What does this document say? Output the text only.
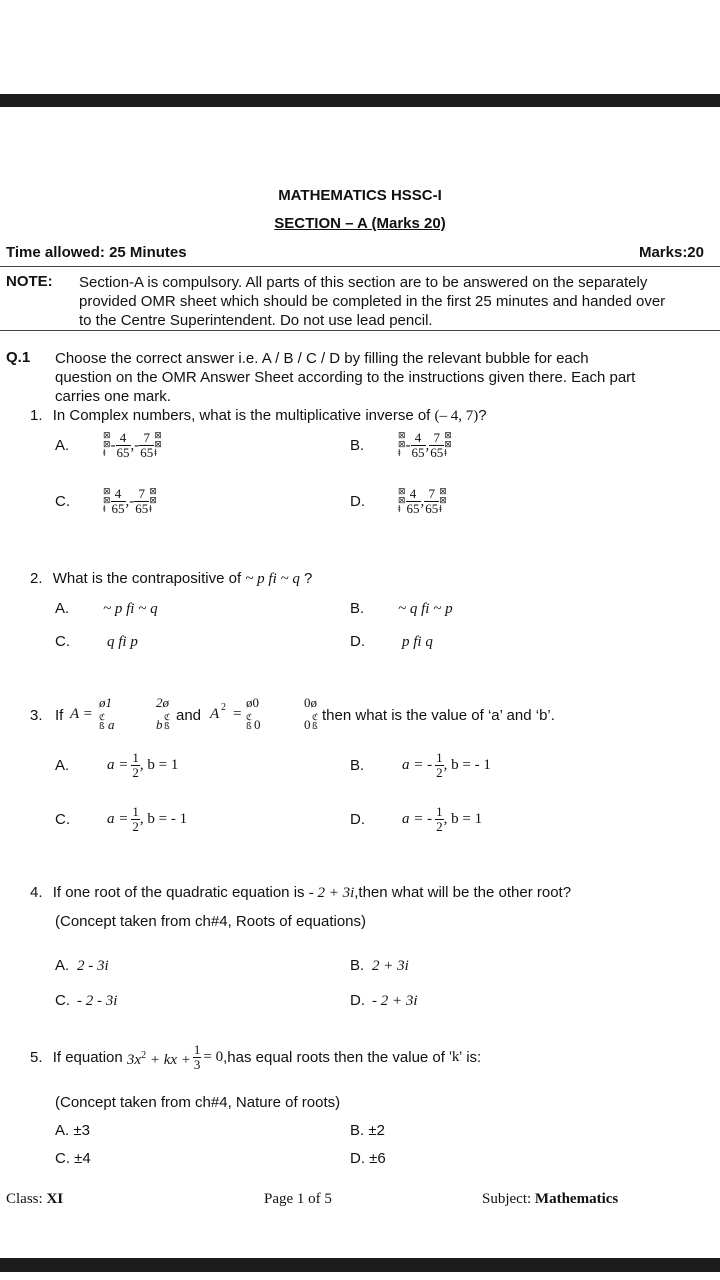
MATHEMATICS HSSC-I
SECTION – A (Marks 20)
Time allowed: 25 Minutes	Marks:20
NOTE: Section-A is compulsory. All parts of this section are to be answered on the separately
provided OMR sheet which should be completed in the first 25 minutes and handed over
to the Centre Superintendent. Do not use lead pencil.
Q.1 Choose the correct answer i.e. A / B / C / D by filling the relevant bubble for each
question on the OMR Answer Sheet according to the instructions given there. Each part
carries one mark.
1. In Complex numbers, what is the multiplicative inverse of (– 4, 7)?
A.⊠
⊠
ⱡ- $\frac{4}{65}$ ,- $\frac{7}{65}$ ⊠
⊠
ⱡ	B.⊠
⊠
ⱡ- $\frac{4}{65}$ , $\frac{7}{65}$ ⊠
⊠
ⱡ
C.⊠
⊠
ⱡ $\frac{4}{65}$ ,- $\frac{7}{65}$ ⊠
⊠
ⱡ	D.⊠
⊠
ⱡ $\frac{4}{65}$ , $\frac{7}{65}$ ⊠
⊠
ⱡ
2. What is the contrapositive of ~ p fi ~ q ?
A. ~ p fi ~ q	B. ~ q fi ~ p
C. q fi p	D. p fi q
3. If A =
ø1	2ø
ℭ
ß a	b ℭ
ß
and A 2 =
ø0	0ø
ℭ
ß 0	0 ℭ
ß
then what is the value of ‘a’ and ‘b’.
A.	$a = \frac{1}{2}$ , b = 1	B.	a = - $\frac{1}{2}$ , b = - 1
C. $a = \frac{1}{2}$ , b = - 1	D. a = - $\frac{1}{2}$ , b = 1
4. If one root of the quadratic equation is - 2 + 3i,then what will be the other root?
(Concept taken from ch#4, Roots of equations)
A. 2 - 3i	B. 2 + 3i
C. - 2 - 3i	D. - 2 + 3i
5. If equation $3x^2$ + kx + $\frac{1}{3} = 0,has$ equal roots then the value of 'k' is:
(Concept taken from ch#4, Nature of roots)
A. ±3	B. ±2
C. ±4	D. ±6
Class: XI	Page 1 of 5	Subject: Mathematics
